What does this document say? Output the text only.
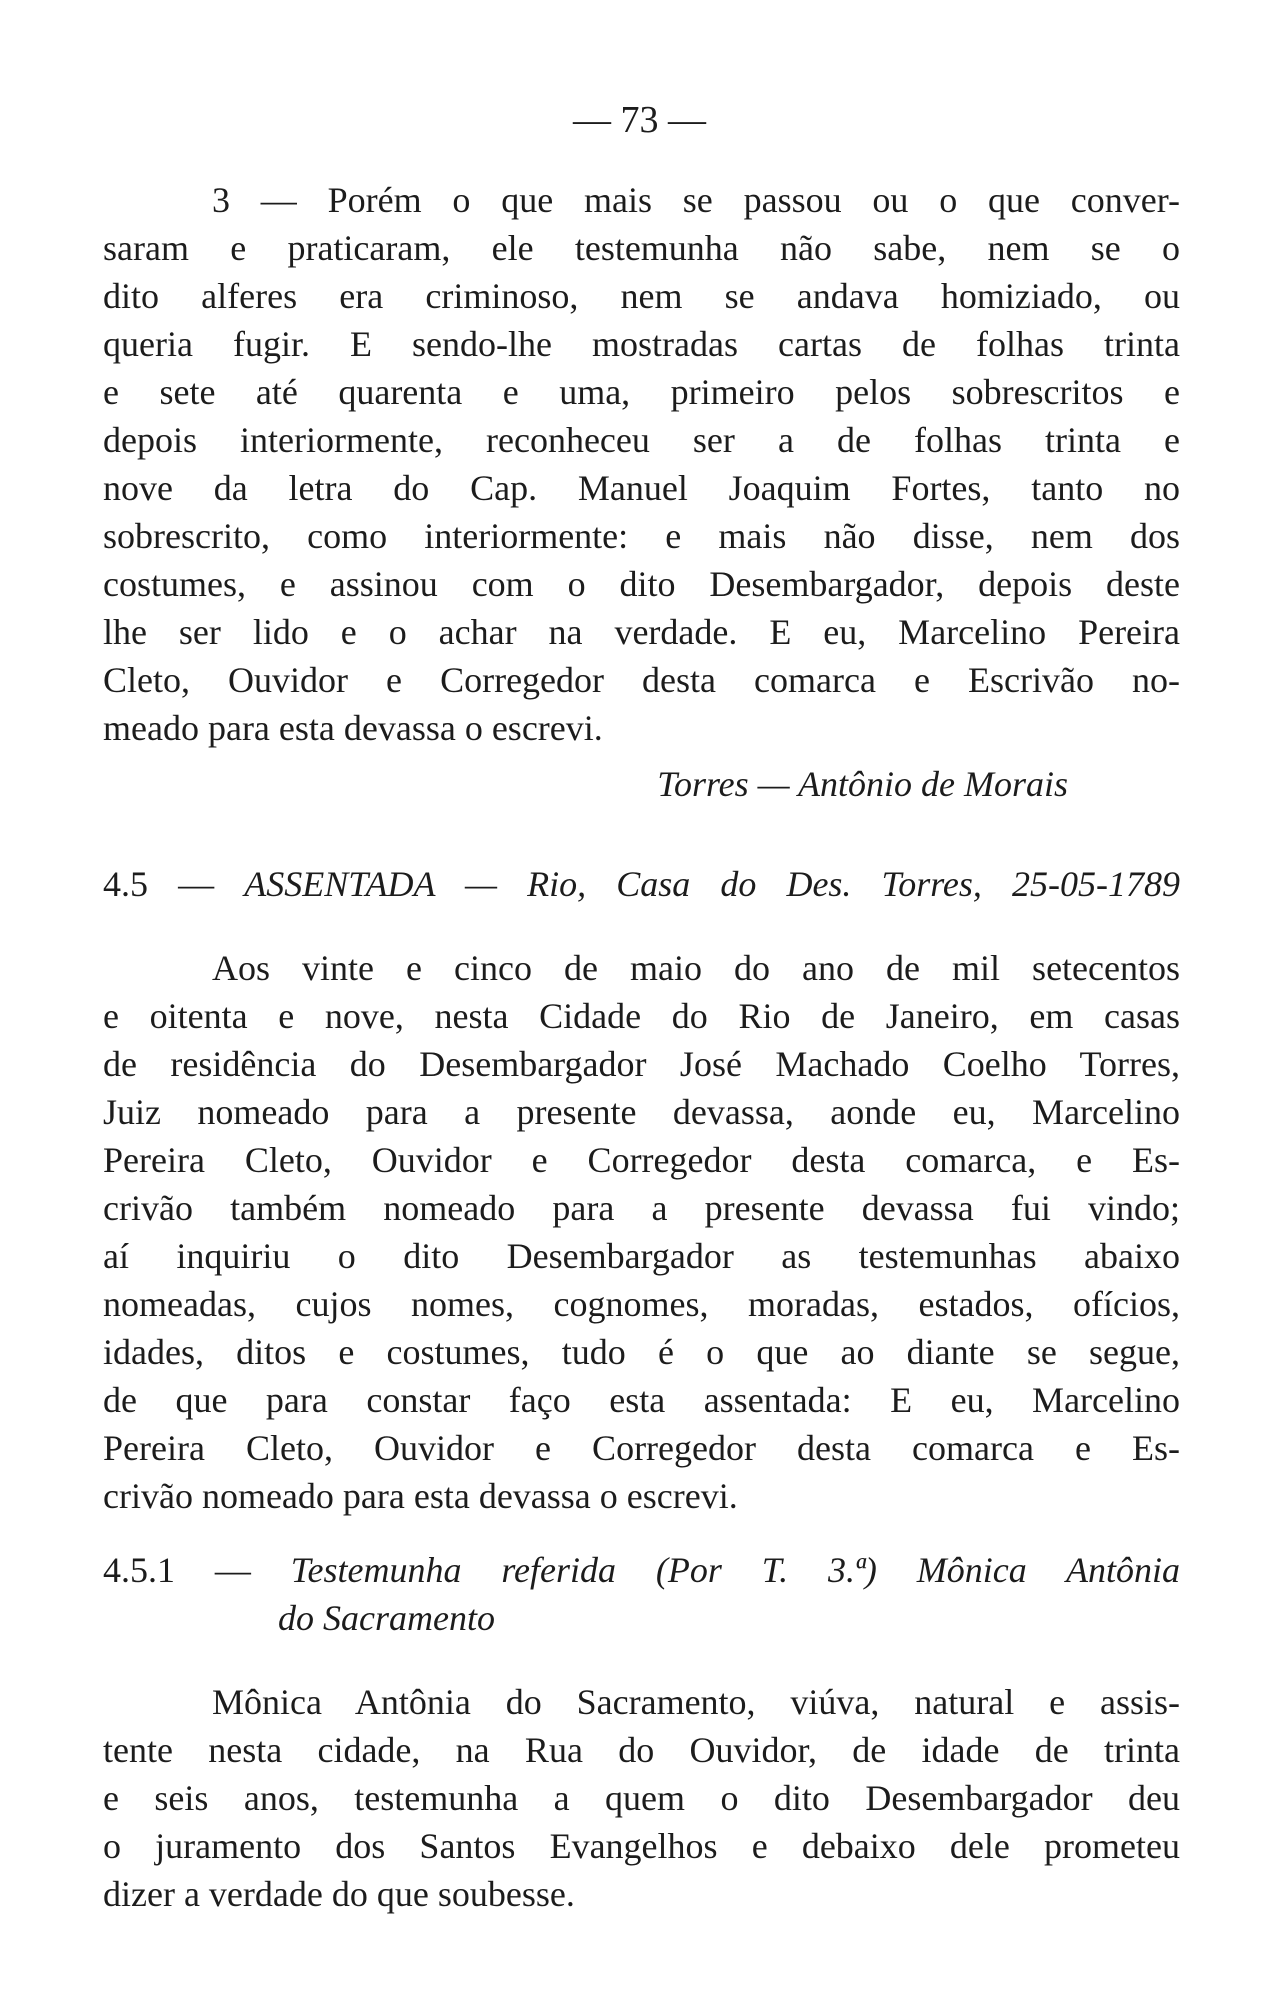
— 73 —

3 — Porém o que mais se passou ou o que conver-

saram e praticaram, ele testemunha não sabe, nem se o

dito alferes era criminoso, nem se andava homiziado, ou

queria fugir. E sendo-lhe mostradas cartas de folhas trinta

e sete até quarenta e uma, primeiro pelos sobrescritos e

depois interiormente, reconheceu ser a de folhas trinta e

nove da letra do Cap. Manuel Joaquim Fortes, tanto no

sobrescrito, como interiormente: e mais não disse, nem dos

costumes, e assinou com o dito Desembargador, depois deste

lhe ser lido e o achar na verdade. E eu, Marcelino Pereira

Cleto, Ouvidor e Corregedor desta comarca e Escrivão no-

meado para esta devassa o escrevi.

Torres — Antônio de Morais

4.5 — ASSENTADA — Rio, Casa do Des. Torres, 25-05-1789

Aos vinte e cinco de maio do ano de mil setecentos

e oitenta e nove, nesta Cidade do Rio de Janeiro, em casas

de residência do Desembargador José Machado Coelho Torres,

Juiz nomeado para a presente devassa, aonde eu, Marcelino

Pereira Cleto, Ouvidor e Corregedor desta comarca, e Es-

crivão também nomeado para a presente devassa fui vindo;

aí inquiriu o dito Desembargador as testemunhas abaixo

nomeadas, cujos nomes, cognomes, moradas, estados, ofícios,

idades, ditos e costumes, tudo é o que ao diante se segue,

de que para constar faço esta assentada: E eu, Marcelino

Pereira Cleto, Ouvidor e Corregedor desta comarca e Es-

crivão nomeado para esta devassa o escrevi.

4.5.1 — Testemunha referida (Por T. 3.ª) Mônica Antônia

do Sacramento

Mônica Antônia do Sacramento, viúva, natural e assis-

tente nesta cidade, na Rua do Ouvidor, de idade de trinta

e seis anos, testemunha a quem o dito Desembargador deu

o juramento dos Santos Evangelhos e debaixo dele prometeu

dizer a verdade do que soubesse.
